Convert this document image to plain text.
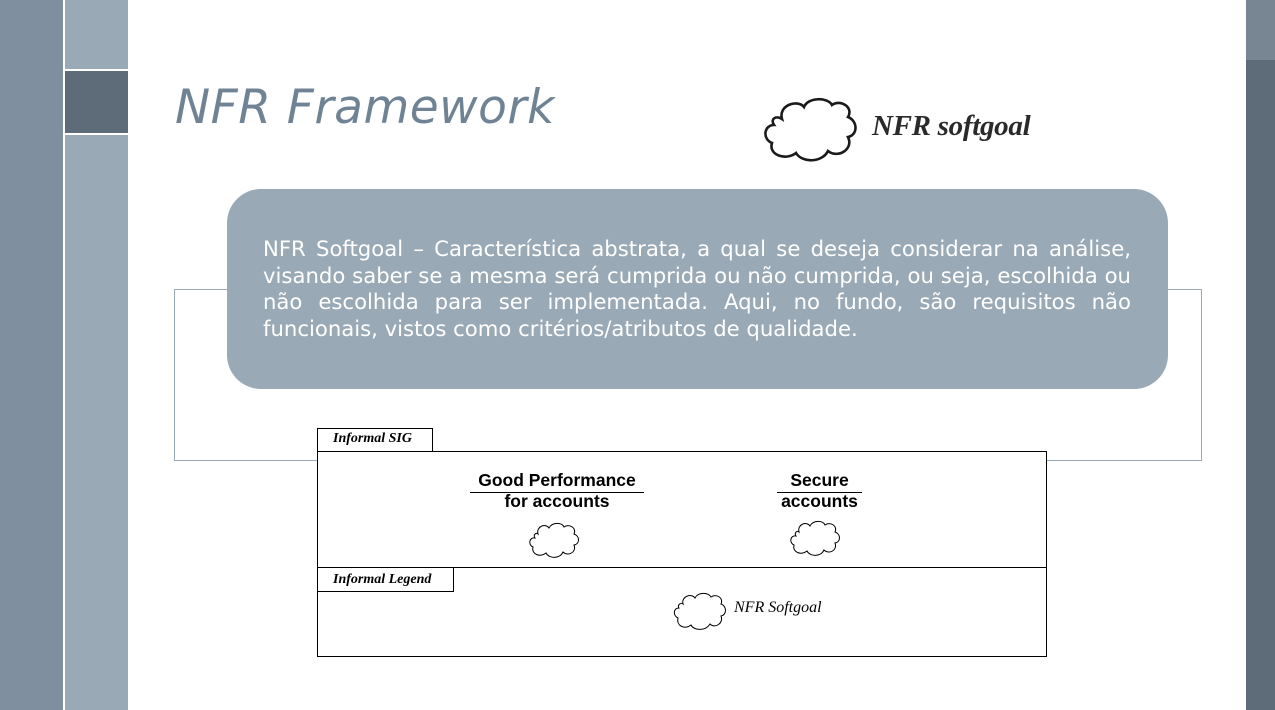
NFR Framework	NFR softgoal
NFR Softgoal – Característica abstrata, a qual se deseja considerar na análise, visando saber se a mesma será cumprida ou não cumprida, ou seja, escolhida ou não escolhida para ser implementada. Aqui, no fundo, são requisitos não funcionais, vistos como critérios/atributos de qualidade.
Informal SIG
Good Performance
for accounts
Secure
accounts
Informal Legend
NFR Softgoal
